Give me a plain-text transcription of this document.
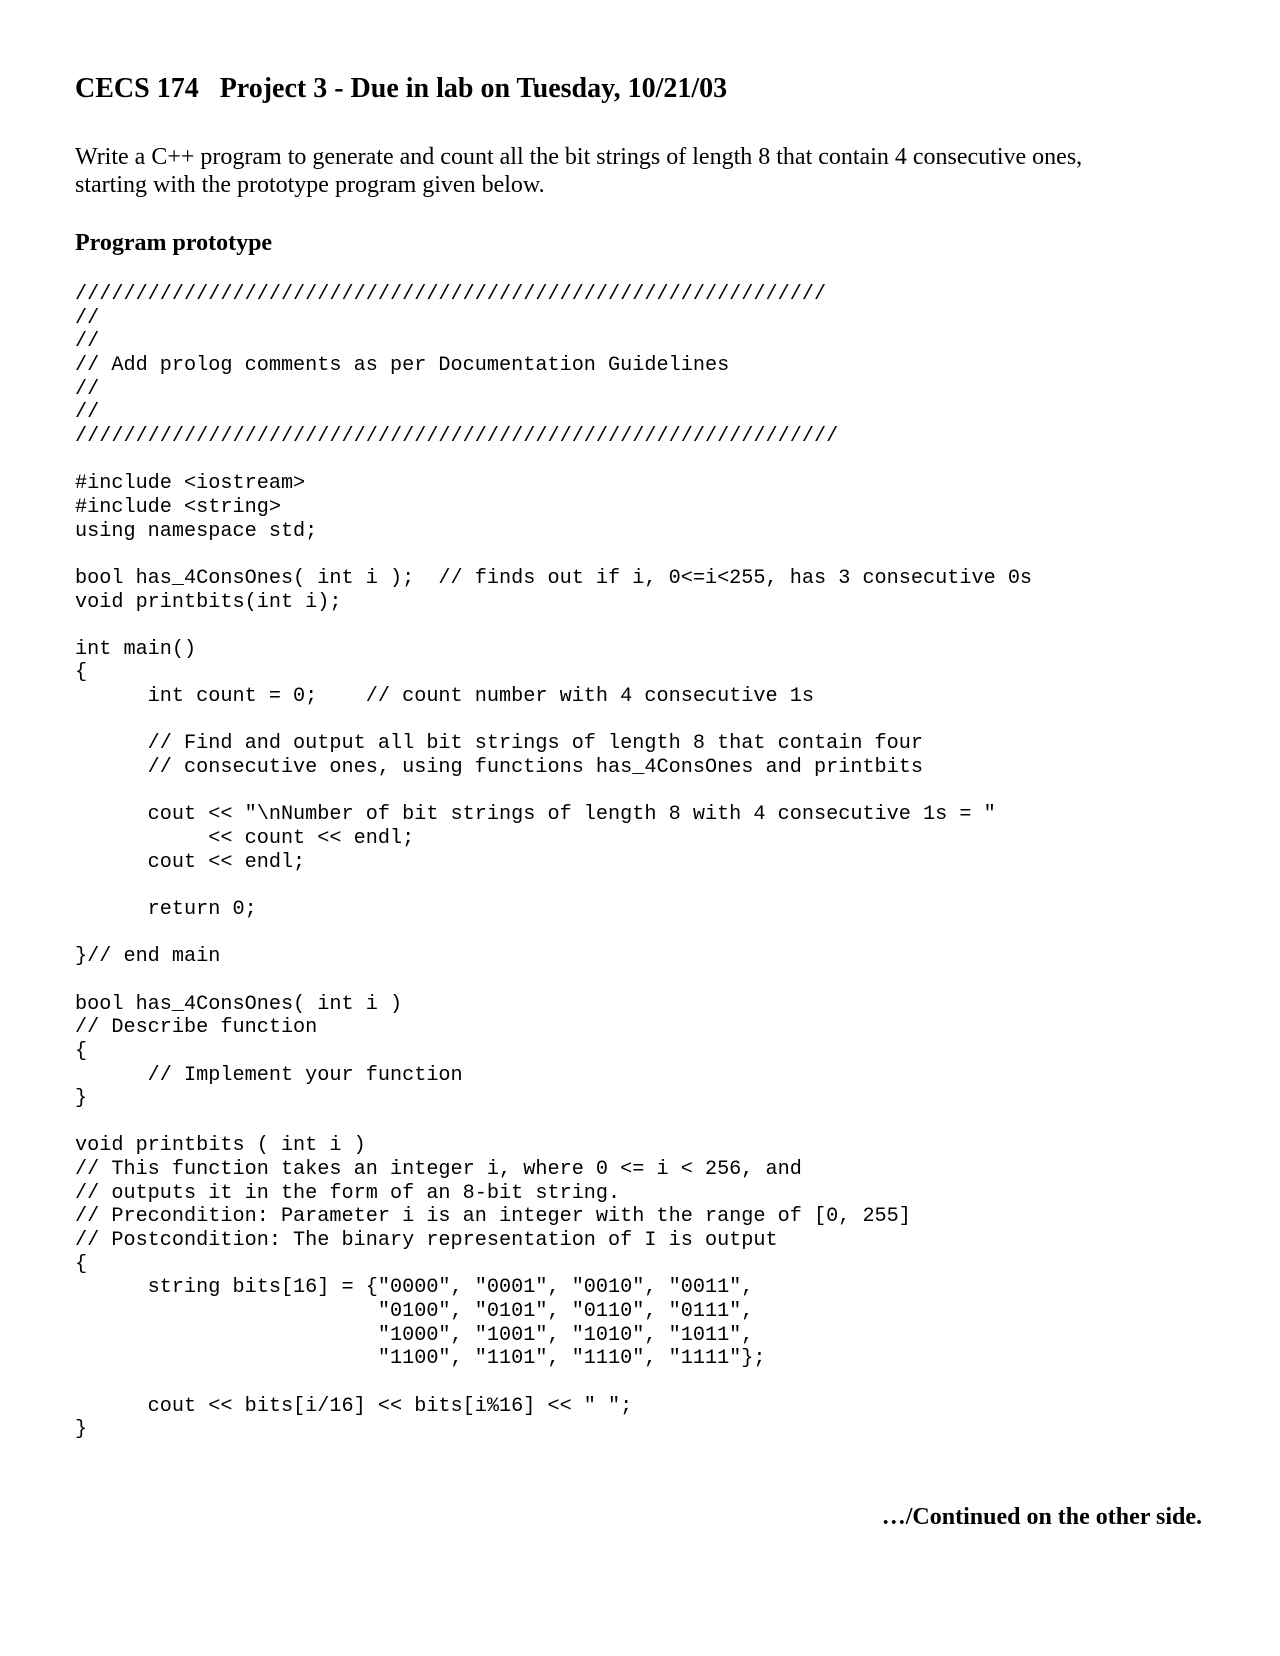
CECS 174   Project 3 - Due in lab on Tuesday, 10/21/03

Write a C++ program to generate and count all the bit strings of length 8 that contain 4 consecutive ones,
starting with the prototype program given below.

Program prototype
//////////////////////////////////////////////////////////////
//
//
// Add prolog comments as per Documentation Guidelines
//
//
///////////////////////////////////////////////////////////////
#include <iostream>
#include <string>
using namespace std;
bool has_4ConsOnes( int i );  // finds out if i, 0<=i<255, has 3 consecutive 0s
void printbits(int i);
int main()
{
int count = 0;    // count number with 4 consecutive 1s
// Find and output all bit strings of length 8 that contain four
// consecutive ones, using functions has_4ConsOnes and printbits
cout << "\nNumber of bit strings of length 8 with 4 consecutive 1s = "
<< count << endl;
cout << endl;
return 0;
}// end main
bool has_4ConsOnes( int i )
// Describe function
{
// Implement your function
}
void printbits ( int i )
// This function takes an integer i, where 0 <= i < 256, and
// outputs it in the form of an 8-bit string.
// Precondition: Parameter i is an integer with the range of [0, 255]
// Postcondition: The binary representation of I is output
{
string bits[16] = {"0000", "0001", "0010", "0011",
"0100", "0101", "0110", "0111",
"1000", "1001", "1010", "1011",
"1100", "1101", "1110", "1111"};
cout << bits[i/16] << bits[i%16] << " ";
}

…/Continued on the other side.
